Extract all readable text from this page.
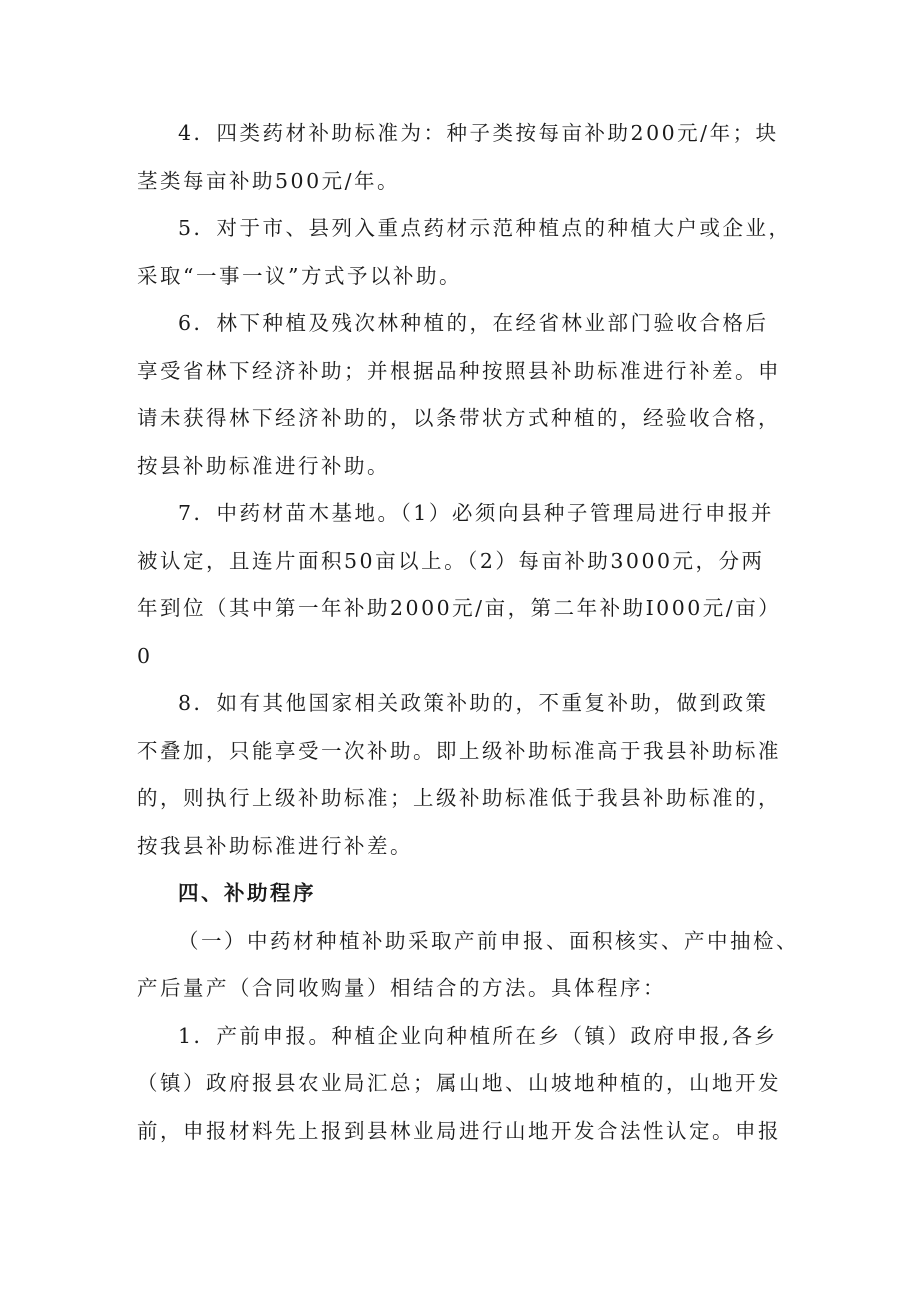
4．四类药材补助标准为：种子类按每亩补助200元/年；块
茎类每亩补助500元/年。

5．对于市、县列入重点药材示范种植点的种植大户或企业，
采取“一事一议”方式予以补助。

6．林下种植及残次林种植的，在经省林业部门验收合格后
享受省林下经济补助；并根据品种按照县补助标准进行补差。申
请未获得林下经济补助的，以条带状方式种植的，经验收合格，
按县补助标准进行补助。

7．中药材苗木基地。（1）必须向县种子管理局进行申报并
被认定，且连片面积50亩以上。（2）每亩补助3000元，分两
年到位（其中第一年补助2000元/亩，第二年补助I000元/亩）
0

8．如有其他国家相关政策补助的，不重复补助，做到政策
不叠加，只能享受一次补助。即上级补助标准高于我县补助标准
的，则执行上级补助标准；上级补助标准低于我县补助标准的，
按我县补助标准进行补差。

四、补助程序

（一）中药材种植补助采取产前申报、面积核实、产中抽检、
产后量产（合同收购量）相结合的方法。具体程序：

1．产前申报。种植企业向种植所在乡（镇）政府申报,各乡
（镇）政府报县农业局汇总；属山地、山坡地种植的，山地开发
前，申报材料先上报到县林业局进行山地开发合法性认定。申报
